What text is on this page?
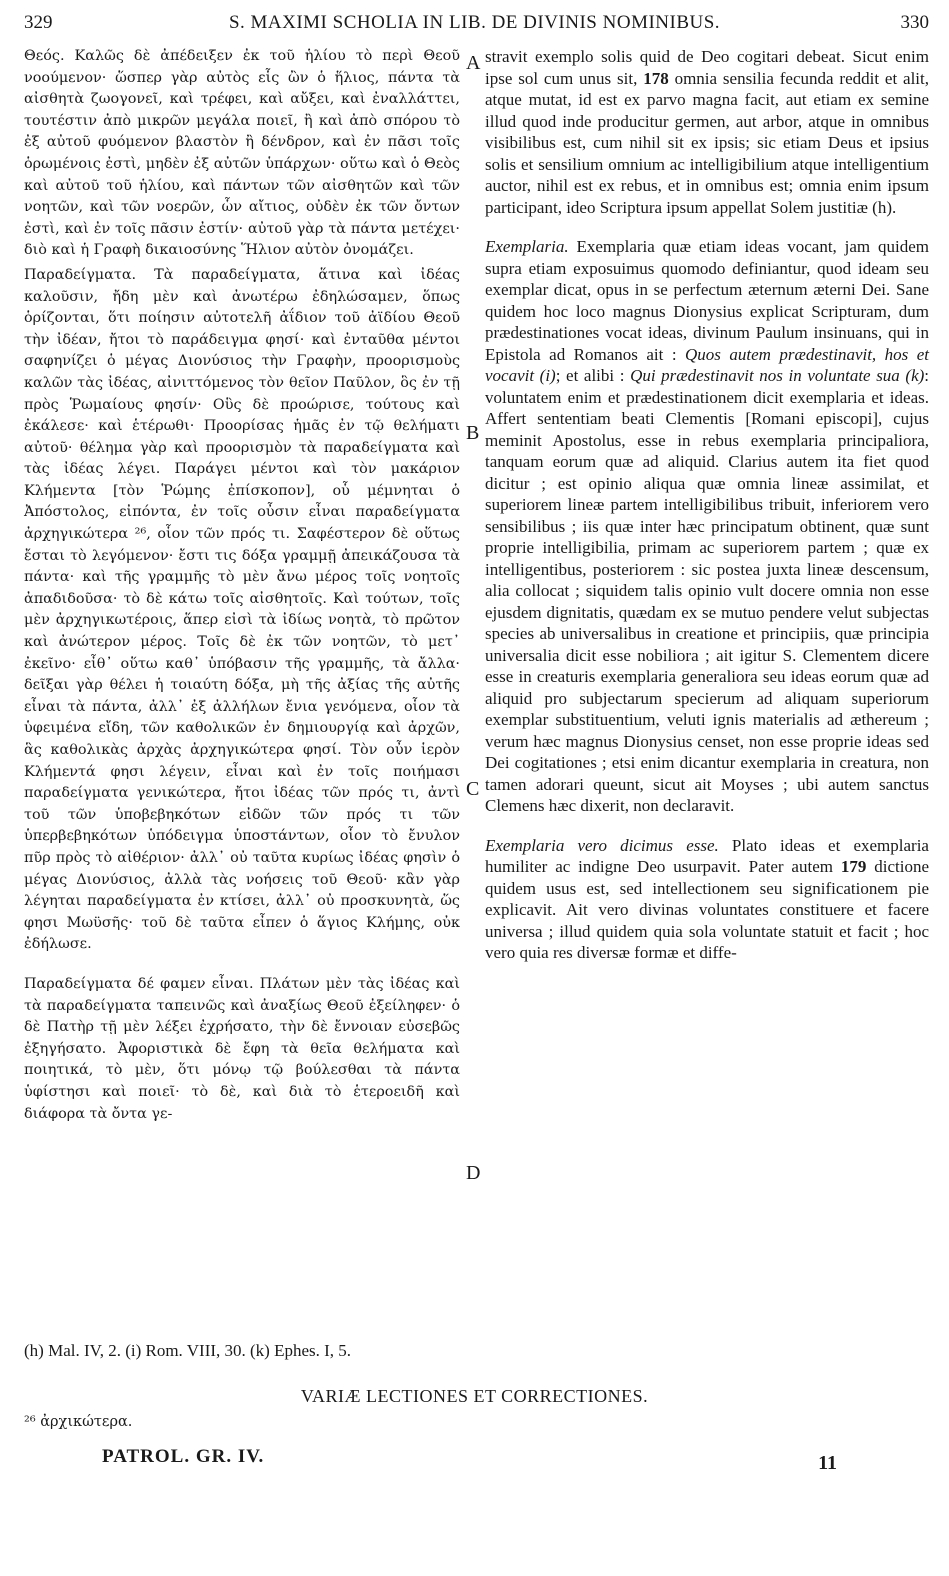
329	S. MAXIMI SCHOLIA IN LIB. DE DIVINIS NOMINIBUS.	330

Θεός. Καλῶς δὲ ἀπέδειξεν ἐκ τοῦ ἡλίου τὸ περὶ Θεοῦ νοούμενον· ὥσπερ γὰρ αὐτὸς εἷς ὢν ὁ ἥλιος, πάντα τὰ αἰσθητὰ ζωογονεῖ, καὶ τρέφει, καὶ αὔξει, καὶ ἐναλλάττει, τουτέστιν ἀπὸ μικρῶν μεγάλα ποιεῖ, ἢ καὶ ἀπὸ σπόρου τὸ ἐξ αὐτοῦ φυόμενον βλαστὸν ἢ δένδρον, καὶ ἐν πᾶσι τοῖς ὁρωμένοις ἐστὶ, μηδὲν ἐξ αὐτῶν ὑπάρχων· οὕτω καὶ ὁ Θεὸς καὶ αὐτοῦ τοῦ ἡλίου, καὶ πάντων τῶν αἰσθητῶν καὶ τῶν νοητῶν, καὶ τῶν νοερῶν, ὧν αἴτιος, οὐδὲν ἐκ τῶν ὄντων ἐστὶ, καὶ ἐν τοῖς πᾶσιν ἐστίν· αὐτοῦ γὰρ τὰ πάντα μετέχει· διὸ καὶ ἡ Γραφὴ δικαιοσύνης Ἥλιον αὐτὸν ὀνομάζει.

Παραδείγματα. Τὰ παραδείγματα, ἅτινα καὶ ἰδέας καλοῦσιν, ἤδη μὲν καὶ ἀνωτέρω ἐδηλώσαμεν, ὅπως ὁρίζονται, ὅτι ποίησιν αὐτοτελῆ ἀΐδιον τοῦ ἀϊδίου Θεοῦ τὴν ἰδέαν, ἤτοι τὸ παράδειγμα φησί· καὶ ἐνταῦθα μέντοι σαφηνίζει ὁ μέγας Διονύσιος τὴν Γραφὴν, προορισμοὺς καλῶν τὰς ἰδέας, αἰνιττόμενος τὸν θεῖον Παῦλον, ὃς ἐν τῇ πρὸς Ῥωμαίους φησίν· Οὓς δὲ προώρισε, τούτους καὶ ἐκάλεσε· καὶ ἑτέρωθι· Προορίσας ἡμᾶς ἐν τῷ θελήματι αὐτοῦ· θέλημα γὰρ καὶ προορισμὸν τὰ παραδείγματα καὶ τὰς ἰδέας λέγει. Παράγει μέντοι καὶ τὸν μακάριον Κλήμεντα [τὸν Ῥώμης ἐπίσκοπον], οὗ μέμνηται ὁ Ἀπόστολος, εἰπόντα, ἐν τοῖς οὖσιν εἶναι παραδείγματα ἀρχηγικώτερα ²⁶, οἷον τῶν πρός τι. Σαφέστερον δὲ οὕτως ἔσται τὸ λεγόμενον· ἔστι τις δόξα γραμμῇ ἀπεικάζουσα τὰ πάντα· καὶ τῆς γραμμῆς τὸ μὲν ἄνω μέρος τοῖς νοητοῖς ἀπαδιδοῦσα· τὸ δὲ κάτω τοῖς αἰσθητοῖς. Καὶ τούτων, τοῖς μὲν ἀρχηγικωτέροις, ἅπερ εἰσὶ τὰ ἰδίως νοητὰ, τὸ πρῶτον καὶ ἀνώτερον μέρος. Τοῖς δὲ ἐκ τῶν νοητῶν, τὸ μετ᾽ ἐκεῖνο· εἶθ᾽ οὕτω καθ᾽ ὑπόβασιν τῆς γραμμῆς, τὰ ἄλλα· δεῖξαι γὰρ θέλει ἡ τοιαύτη δόξα, μὴ τῆς ἀξίας τῆς αὐτῆς εἶναι τὰ πάντα, ἀλλ᾽ ἐξ ἀλλήλων ἔνια γενόμενα, οἷον τὰ ὑφειμένα εἴδη, τῶν καθολικῶν ἐν δημιουργίᾳ καὶ ἀρχῶν, ἃς καθολικὰς ἀρχὰς ἀρχηγικώτερα φησί. Τὸν οὖν ἱερὸν Κλήμεντά φησι λέγειν, εἶναι καὶ ἐν τοῖς ποιήμασι παραδείγματα γενικώτερα, ἤτοι ἰδέας τῶν πρός τι, ἀντὶ τοῦ τῶν ὑποβεβηκότων εἰδῶν τῶν πρός τι τῶν ὑπερβεβηκότων ὑπόδειγμα ὑποστάντων, οἷον τὸ ἔνυλον πῦρ πρὸς τὸ αἰθέριον· ἀλλ᾽ οὐ ταῦτα κυρίως ἰδέας φησὶν ὁ μέγας Διονύσιος, ἀλλὰ τὰς νοήσεις τοῦ Θεοῦ· κἂν γὰρ λέγηται παραδείγματα ἐν κτίσει, ἀλλ᾽ οὐ προσκυνητὰ, ὥς φησι Μωϋσῆς· τοῦ δὲ ταῦτα εἶπεν ὁ ἅγιος Κλήμης, οὐκ ἐδήλωσε.

Παραδείγματα δέ φαμεν εἶναι. Πλάτων μὲν τὰς ἰδέας καὶ τὰ παραδείγματα ταπεινῶς καὶ ἀναξίως Θεοῦ ἐξείληφεν· ὁ δὲ Πατὴρ τῇ μὲν λέξει ἐχρήσατο, τὴν δὲ ἔννοιαν εὐσεβῶς ἐξηγήσατο. Ἀφοριστικὰ δὲ ἔφη τὰ θεῖα θελήματα καὶ ποιητικά, τὸ μὲν, ὅτι μόνῳ τῷ βούλεσθαι τὰ πάντα ὑφίστησι καὶ ποιεῖ· τὸ δὲ, καὶ διὰ τὸ ἑτεροειδῆ καὶ διάφορα τὰ ὄντα γε-

A
B
C
D

stravit exemplo solis quid de Deo cogitari debeat. Sicut enim ipse sol cum unus sit, 178 omnia sensilia fecunda reddit et alit, atque mutat, id est ex parvo magna facit, aut etiam ex semine illud quod inde producitur germen, aut arbor, atque in omnibus visibilibus est, cum nihil sit ex ipsis; sic etiam Deus et ipsius solis et sensilium omnium ac intelligibilium atque intelligentium auctor, nihil est ex rebus, et in omnibus est; omnia enim ipsum participant, ideo Scriptura ipsum appellat Solem justitiæ (h).

Exemplaria. Exemplaria quæ etiam ideas vocant, jam quidem supra etiam exposuimus quomodo definiantur, quod ideam seu exemplar dicat, opus in se perfectum æternum æterni Dei. Sane quidem hoc loco magnus Dionysius explicat Scripturam, dum prædestinationes vocat ideas, divinum Paulum insinuans, qui in Epistola ad Romanos ait : Quos autem prædestinavit, hos et vocavit (i); et alibi : Qui prædestinavit nos in voluntate sua (k): voluntatem enim et prædestinationem dicit exemplaria et ideas. Affert sententiam beati Clementis [Romani episcopi], cujus meminit Apostolus, esse in rebus exemplaria principaliora, tanquam eorum quæ ad aliquid. Clarius autem ita fiet quod dicitur ; est opinio aliqua quæ omnia lineæ assimilat, et superiorem lineæ partem intelligibilibus tribuit, inferiorem vero sensibilibus ; iis quæ inter hæc principatum obtinent, quæ sunt proprie intelligibilia, primam ac superiorem partem ; quæ ex intelligentibus, posteriorem : sic postea juxta lineæ descensum, alia collocat ; siquidem talis opinio vult docere omnia non esse ejusdem dignitatis, quædam ex se mutuo pendere velut subjectas species ab universalibus in creatione et principiis, quæ principia universalia dicit esse nobiliora ; ait igitur S. Clementem dicere esse in creaturis exemplaria generaliora seu ideas eorum quæ ad aliquid pro subjectarum specierum ad aliquam superiorum exemplar substituentium, veluti ignis materialis ad æthereum ; verum hæc magnus Dionysius censet, non esse proprie ideas sed Dei cogitationes ; etsi enim dicantur exemplaria in creatura, non tamen adorari queunt, sicut ait Moyses ; ubi autem sanctus Clemens hæc dixerit, non declaravit.

Exemplaria vero dicimus esse. Plato ideas et exemplaria humiliter ac indigne Deo usurpavit. Pater autem 179 dictione quidem usus est, sed intellectionem seu significationem pie explicavit. Ait vero divinas voluntates constituere et facere universa ; illud quidem quia sola voluntate statuit et facit ; hoc vero quia res diversæ formæ et diffe-

(h) Mal. IV, 2. (i) Rom. VIII, 30. (k) Ephes. I, 5.
VARIÆ LECTIONES ET CORRECTIONES.
²⁶ ἀρχικώτερα.
PATROL. GR. IV.	11
